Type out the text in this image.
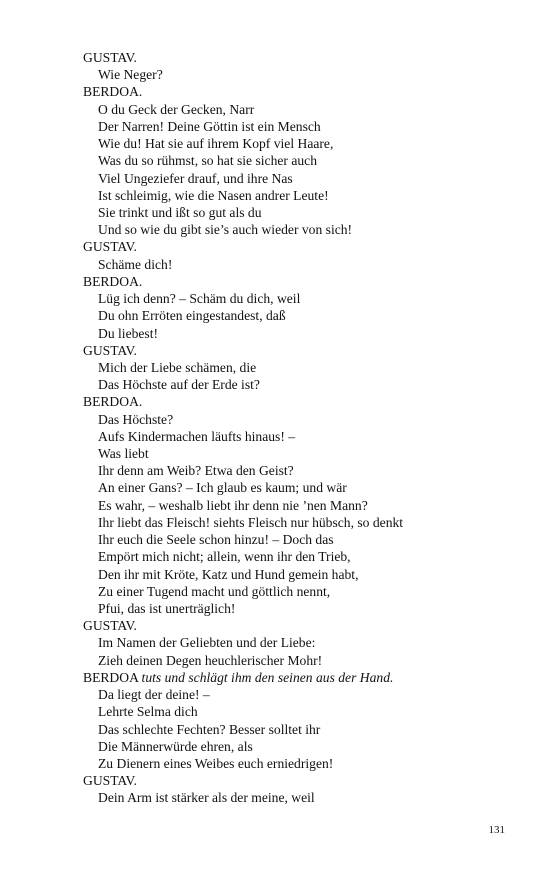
GUSTAV.
Wie Neger?
BERDOA.
O du Geck der Gecken, Narr
Der Narren! Deine Göttin ist ein Mensch
Wie du! Hat sie auf ihrem Kopf viel Haare,
Was du so rühmst, so hat sie sicher auch
Viel Ungeziefer drauf, und ihre Nas
Ist schleimig, wie die Nasen andrer Leute!
Sie trinkt und ißt so gut als du
Und so wie du gibt sie’s auch wieder von sich!
GUSTAV.
Schäme dich!
BERDOA.
Lüg ich denn? – Schäm du dich, weil
Du ohn Erröten eingestandest, daß
Du liebest!
GUSTAV.
Mich der Liebe schämen, die
Das Höchste auf der Erde ist?
BERDOA.
Das Höchste?
Aufs Kindermachen läufts hinaus! –
Was liebt
Ihr denn am Weib? Etwa den Geist?
An einer Gans? – Ich glaub es kaum; und wär
Es wahr, – weshalb liebt ihr denn nie ’nen Mann?
Ihr liebt das Fleisch! siehts Fleisch nur hübsch, so denkt
Ihr euch die Seele schon hinzu! – Doch das
Empört mich nicht; allein, wenn ihr den Trieb,
Den ihr mit Kröte, Katz und Hund gemein habt,
Zu einer Tugend macht und göttlich nennt,
Pfui, das ist unerträglich!
GUSTAV.
Im Namen der Geliebten und der Liebe:
Zieh deinen Degen heuchlerischer Mohr!
BERDOA tuts und schlägt ihm den seinen aus der Hand.
Da liegt der deine! –
Lehrte Selma dich
Das schlechte Fechten? Besser solltet ihr
Die Männerwürde ehren, als
Zu Dienern eines Weibes euch erniedrigen!
GUSTAV.
Dein Arm ist stärker als der meine, weil
131
